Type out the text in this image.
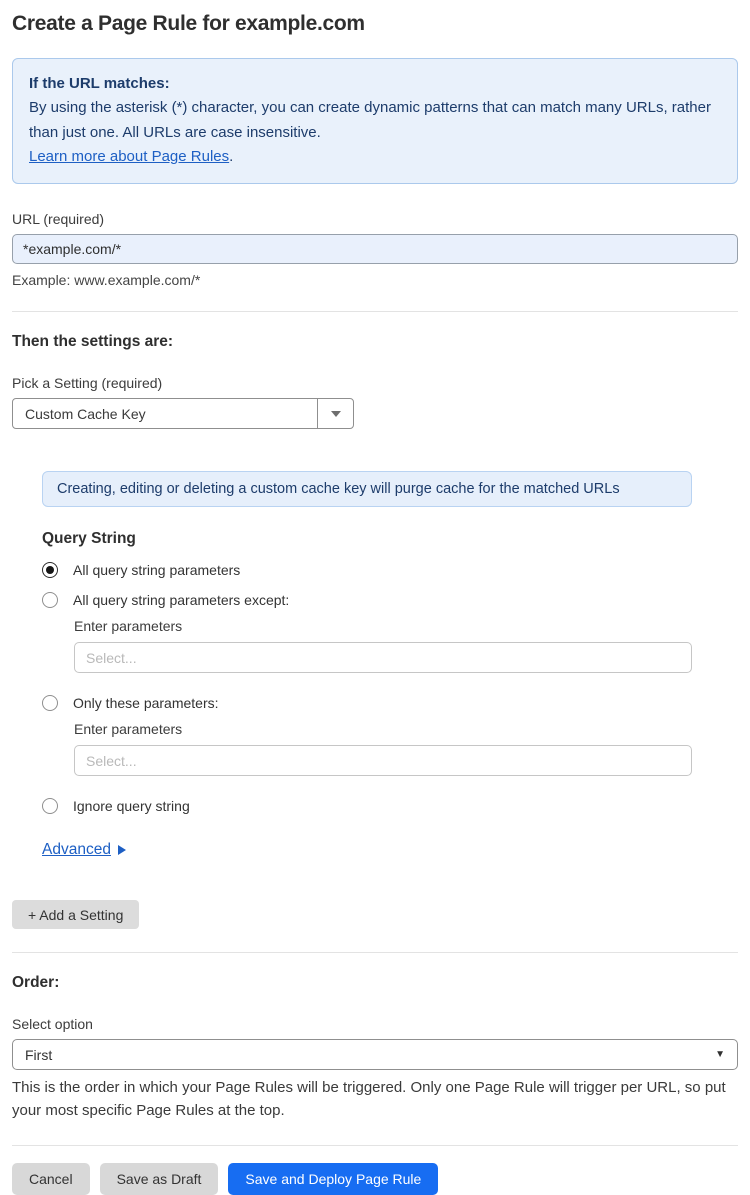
Create a Page Rule for example.com
If the URL matches:
By using the asterisk (*) character, you can create dynamic patterns that can match many URLs, rather than just one. All URLs are case insensitive.
Learn more about Page Rules.
URL (required)
*example.com/*
Example: www.example.com/*
Then the settings are:
Pick a Setting (required)
Custom Cache Key
Creating, editing or deleting a custom cache key will purge cache for the matched URLs
Query String
All query string parameters
All query string parameters except:
Enter parameters
Select...
Only these parameters:
Enter parameters
Select...
Ignore query string
Advanced
+ Add a Setting
Order:
Select option
First	▼
This is the order in which your Page Rules will be triggered. Only one Page Rule will trigger per URL, so put your most specific Page Rules at the top.
Cancel	Save as Draft	Save and Deploy Page Rule
